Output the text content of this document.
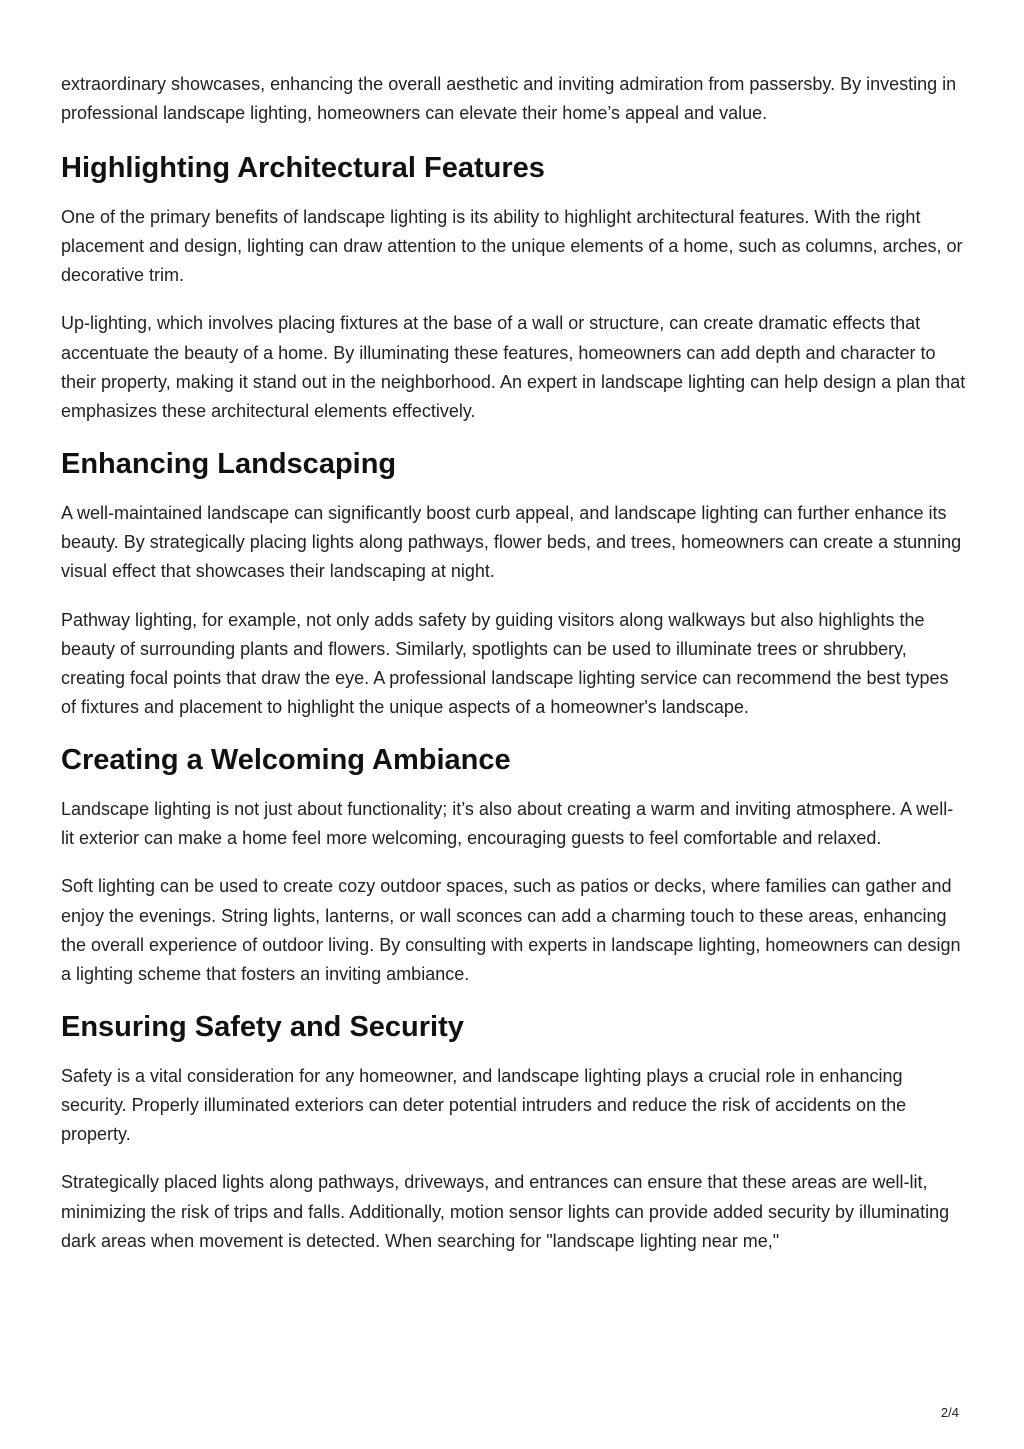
extraordinary showcases, enhancing the overall aesthetic and inviting admiration from passersby. By investing in professional landscape lighting, homeowners can elevate their home’s appeal and value.

Highlighting Architectural Features

One of the primary benefits of landscape lighting is its ability to highlight architectural features. With the right placement and design, lighting can draw attention to the unique elements of a home, such as columns, arches, or decorative trim.

Up-lighting, which involves placing fixtures at the base of a wall or structure, can create dramatic effects that accentuate the beauty of a home. By illuminating these features, homeowners can add depth and character to their property, making it stand out in the neighborhood. An expert in landscape lighting can help design a plan that emphasizes these architectural elements effectively.

Enhancing Landscaping

A well-maintained landscape can significantly boost curb appeal, and landscape lighting can further enhance its beauty. By strategically placing lights along pathways, flower beds, and trees, homeowners can create a stunning visual effect that showcases their landscaping at night.

Pathway lighting, for example, not only adds safety by guiding visitors along walkways but also highlights the beauty of surrounding plants and flowers. Similarly, spotlights can be used to illuminate trees or shrubbery, creating focal points that draw the eye. A professional landscape lighting service can recommend the best types of fixtures and placement to highlight the unique aspects of a homeowner's landscape.

Creating a Welcoming Ambiance

Landscape lighting is not just about functionality; it’s also about creating a warm and inviting atmosphere. A well-lit exterior can make a home feel more welcoming, encouraging guests to feel comfortable and relaxed.

Soft lighting can be used to create cozy outdoor spaces, such as patios or decks, where families can gather and enjoy the evenings. String lights, lanterns, or wall sconces can add a charming touch to these areas, enhancing the overall experience of outdoor living. By consulting with experts in landscape lighting, homeowners can design a lighting scheme that fosters an inviting ambiance.

Ensuring Safety and Security

Safety is a vital consideration for any homeowner, and landscape lighting plays a crucial role in enhancing security. Properly illuminated exteriors can deter potential intruders and reduce the risk of accidents on the property.

Strategically placed lights along pathways, driveways, and entrances can ensure that these areas are well-lit, minimizing the risk of trips and falls. Additionally, motion sensor lights can provide added security by illuminating dark areas when movement is detected. When searching for "landscape lighting near me,"

2/4
